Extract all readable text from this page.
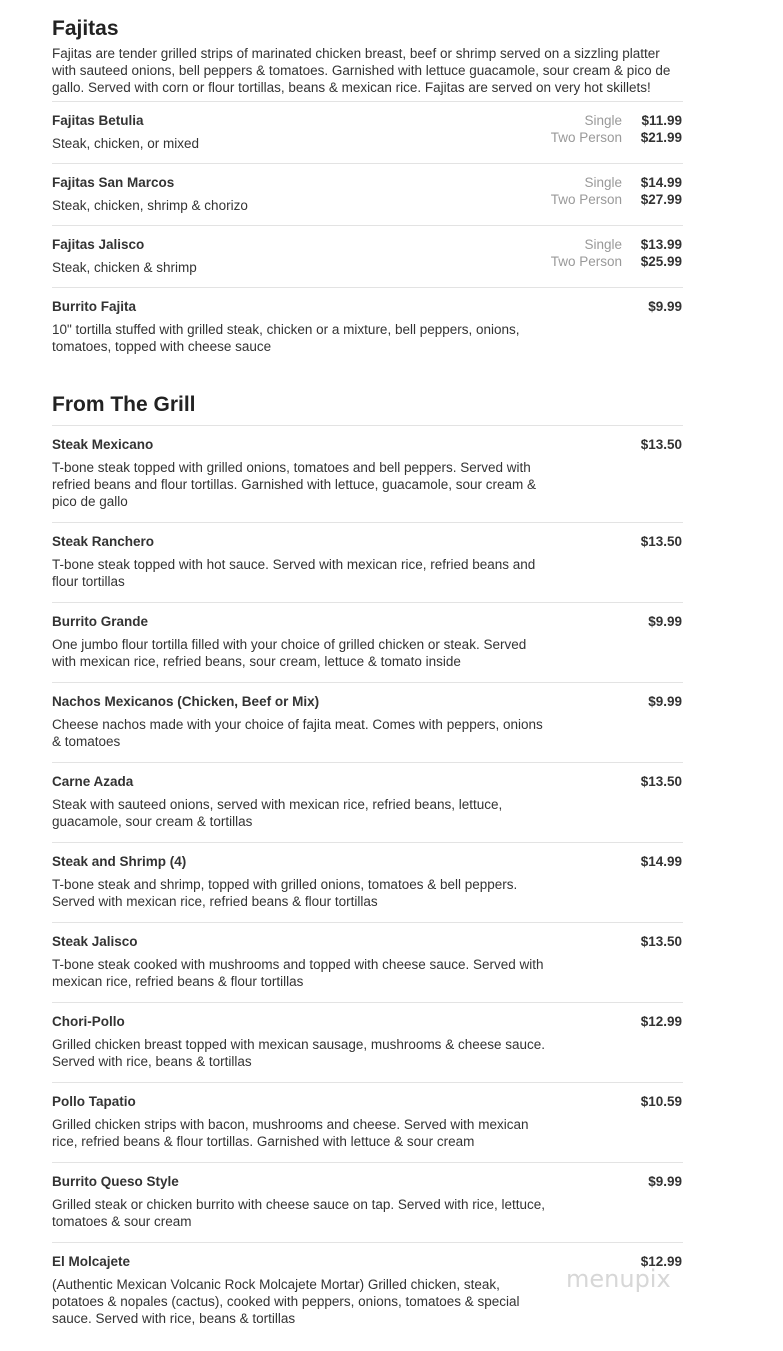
Fajitas
Fajitas are tender grilled strips of marinated chicken breast, beef or shrimp served on a sizzling platter with sauteed onions, bell peppers & tomatoes. Garnished with lettuce guacamole, sour cream & pico de gallo. Served with corn or flour tortillas, beans & mexican rice. Fajitas are served on very hot skillets!
Fajitas Betulia
Steak, chicken, or mixed
Single $11.99
Two Person $21.99
Fajitas San Marcos
Steak, chicken, shrimp & chorizo
Single $14.99
Two Person $27.99
Fajitas Jalisco
Steak, chicken & shrimp
Single $13.99
Two Person $25.99
Burrito Fajita
10" tortilla stuffed with grilled steak, chicken or a mixture, bell peppers, onions, tomatoes, topped with cheese sauce
$9.99
From The Grill
Steak Mexicano
T-bone steak topped with grilled onions, tomatoes and bell peppers. Served with refried beans and flour tortillas. Garnished with lettuce, guacamole, sour cream & pico de gallo
$13.50
Steak Ranchero
T-bone steak topped with hot sauce. Served with mexican rice, refried beans and flour tortillas
$13.50
Burrito Grande
One jumbo flour tortilla filled with your choice of grilled chicken or steak. Served with mexican rice, refried beans, sour cream, lettuce & tomato inside
$9.99
Nachos Mexicanos (Chicken, Beef or Mix)
Cheese nachos made with your choice of fajita meat. Comes with peppers, onions & tomatoes
$9.99
Carne Azada
Steak with sauteed onions, served with mexican rice, refried beans, lettuce, guacamole, sour cream & tortillas
$13.50
Steak and Shrimp (4)
T-bone steak and shrimp, topped with grilled onions, tomatoes & bell peppers. Served with mexican rice, refried beans & flour tortillas
$14.99
Steak Jalisco
T-bone steak cooked with mushrooms and topped with cheese sauce. Served with mexican rice, refried beans & flour tortillas
$13.50
Chori-Pollo
Grilled chicken breast topped with mexican sausage, mushrooms & cheese sauce. Served with rice, beans & tortillas
$12.99
Pollo Tapatio
Grilled chicken strips with bacon, mushrooms and cheese. Served with mexican rice, refried beans & flour tortillas. Garnished with lettuce & sour cream
$10.59
Burrito Queso Style
Grilled steak or chicken burrito with cheese sauce on tap. Served with rice, lettuce, tomatoes & sour cream
$9.99
El Molcajete
(Authentic Mexican Volcanic Rock Molcajete Mortar) Grilled chicken, steak, potatoes & nopales (cactus), cooked with peppers, onions, tomatoes & special sauce. Served with rice, beans & tortillas
$12.99
menupix
